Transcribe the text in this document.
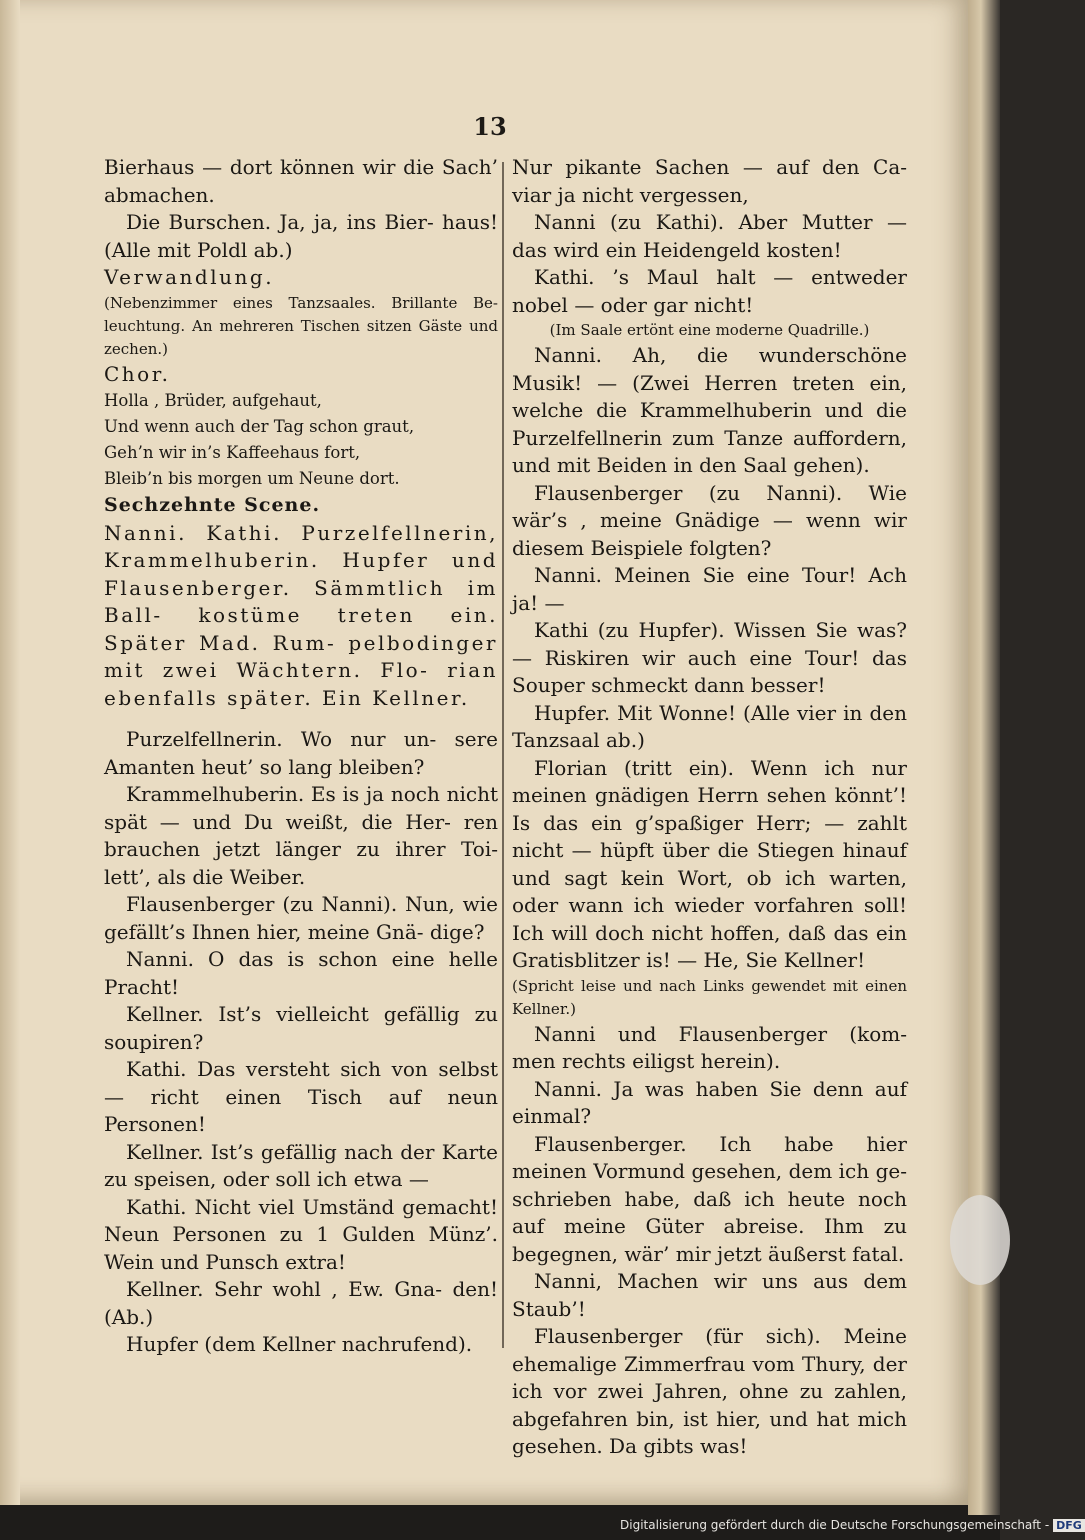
13

Bierhaus — dort können wir die Sach’ abmachen.

Die Burschen. Ja, ja, ins Bier- haus! (Alle mit Poldl ab.)

Verwandlung.

(Nebenzimmer eines Tanzsaales. Brillante Be- leuchtung. An mehreren Tischen sitzen Gäste und zechen.)

Chor.

Holla , Brüder, aufgehaut,

Und wenn auch der Tag schon graut,

Geh’n wir in’s Kaffeehaus fort,

Bleib’n bis morgen um Neune dort.

Sechzehnte Scene.

Nanni. Kathi. Purzelfellnerin, Krammelhuberin. Hupfer und Flausenberger. Sämmtlich im Ball- kostüme treten ein. Später Mad. Rum- pelbodinger mit zwei Wächtern. Flo- rian ebenfalls später. Ein Kellner.

Purzelfellnerin. Wo nur un- sere Amanten heut’ so lang bleiben?

Krammelhuberin. Es is ja noch nicht spät — und Du weißt, die Her- ren brauchen jetzt länger zu ihrer Toi- lett’, als die Weiber.

Flausenberger (zu Nanni). Nun, wie gefällt’s Ihnen hier, meine Gnä- dige?

Nanni. O das is schon eine helle Pracht!

Kellner. Ist’s vielleicht gefällig zu soupiren?

Kathi. Das versteht sich von selbst — richt einen Tisch auf neun Personen!

Kellner. Ist’s gefällig nach der Karte zu speisen, oder soll ich etwa —

Kathi. Nicht viel Umständ gemacht! Neun Personen zu 1 Gulden Münz’. Wein und Punsch extra!

Kellner. Sehr wohl , Ew. Gna- den! (Ab.)

Hupfer (dem Kellner nachrufend).

Nur pikante Sachen — auf den Ca- viar ja nicht vergessen,

Nanni (zu Kathi). Aber Mutter — das wird ein Heidengeld kosten!

Kathi. ’s Maul halt — entweder nobel — oder gar nicht!

(Im Saale ertönt eine moderne Quadrille.)

Nanni. Ah, die wunderschöne Musik! — (Zwei Herren treten ein, welche die Krammelhuberin und die Purzelfellnerin zum Tanze auffordern, und mit Beiden in den Saal gehen).

Flausenberger (zu Nanni). Wie wär’s , meine Gnädige — wenn wir diesem Beispiele folgten?

Nanni. Meinen Sie eine Tour! Ach ja! —

Kathi (zu Hupfer). Wissen Sie was? — Riskiren wir auch eine Tour! das Souper schmeckt dann besser!

Hupfer. Mit Wonne! (Alle vier in den Tanzsaal ab.)

Florian (tritt ein). Wenn ich nur meinen gnädigen Herrn sehen könnt’! Is das ein g’spaßiger Herr; — zahlt nicht — hüpft über die Stiegen hinauf und sagt kein Wort, ob ich warten, oder wann ich wieder vorfahren soll! Ich will doch nicht hoffen, daß das ein Gratisblitzer is! — He, Sie Kellner!

(Spricht leise und nach Links gewendet mit einen Kellner.)

Nanni und Flausenberger (kom- men rechts eiligst herein).

Nanni. Ja was haben Sie denn auf einmal?

Flausenberger. Ich habe hier meinen Vormund gesehen, dem ich ge- schrieben habe, daß ich heute noch auf meine Güter abreise. Ihm zu begegnen, wär’ mir jetzt äußerst fatal.

Nanni, Machen wir uns aus dem Staub’!

Flausenberger (für sich). Meine ehemalige Zimmerfrau vom Thury, der ich vor zwei Jahren, ohne zu zahlen, abgefahren bin, ist hier, und hat mich gesehen. Da gibts was!

Digitalisierung gefördert durch die Deutsche Forschungsgemeinschaft - DFG
